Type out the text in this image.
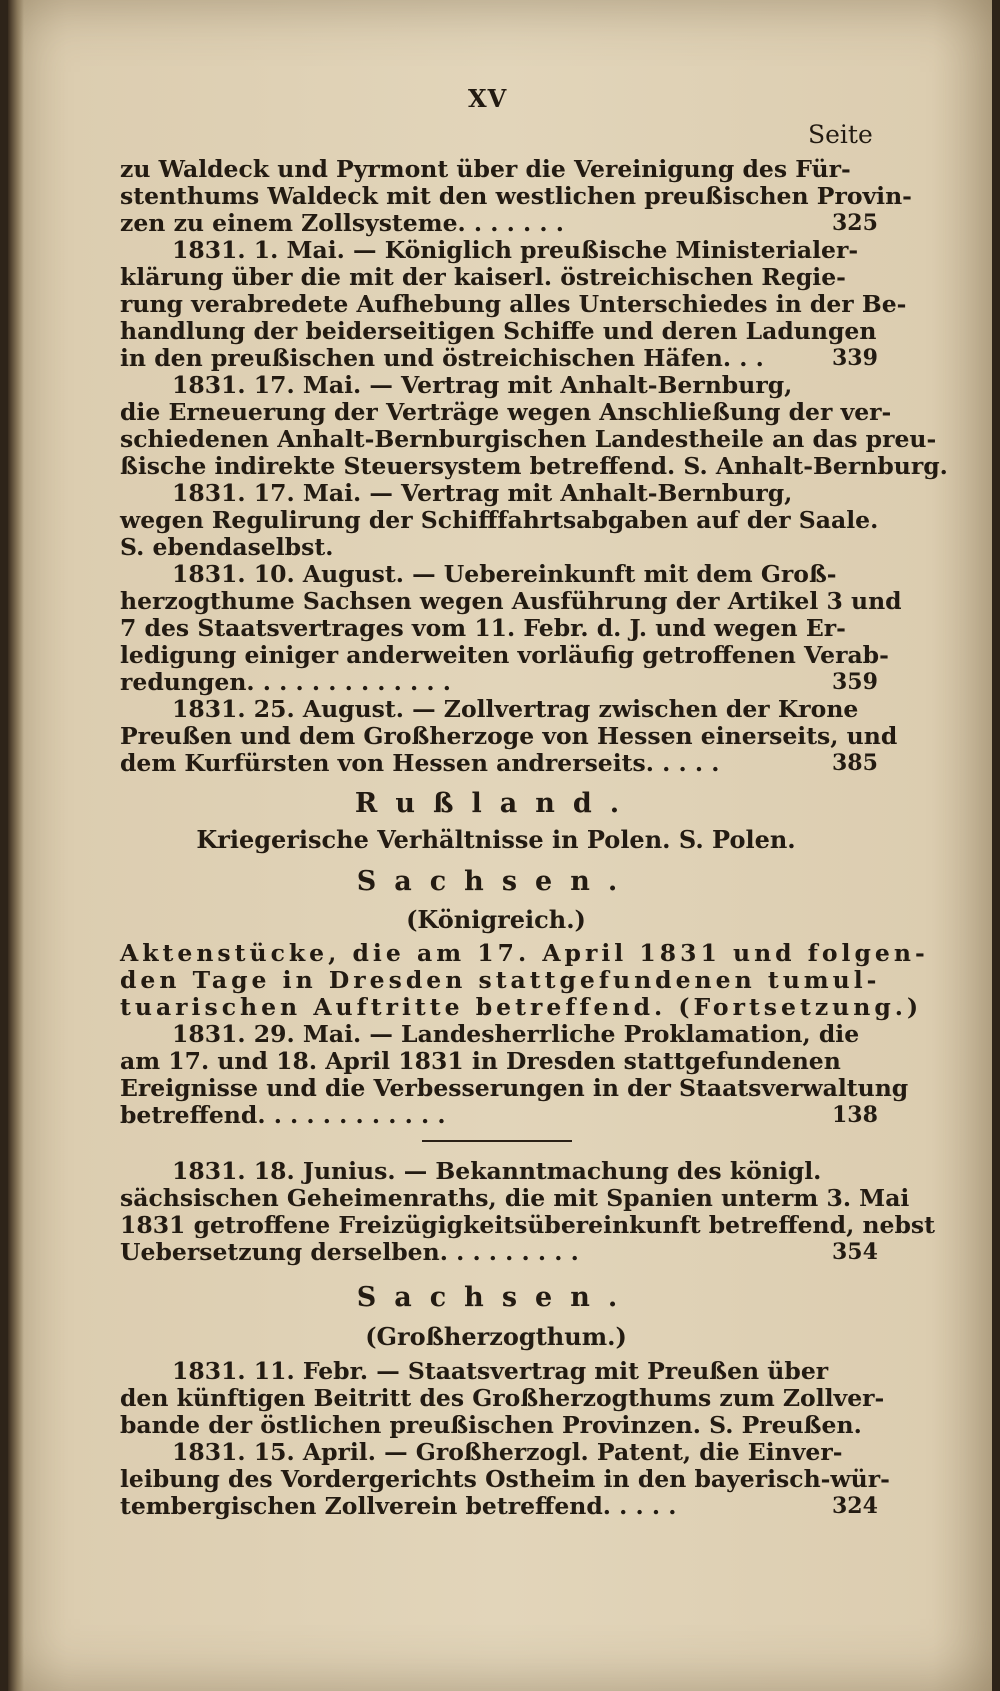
XV
Seite
zu Waldeck und Pyrmont über die Vereinigung des Für-
stenthums Waldeck mit den westlichen preußischen Provin-
zen zu einem Zollsysteme. . . . . . .	325
1831. 1. Mai. — Königlich preußische Ministerialer-
klärung über die mit der kaiserl. östreichischen Regie-
rung verabredete Aufhebung alles Unterschiedes in der Be-
handlung der beiderseitigen Schiffe und deren Ladungen
in den preußischen und östreichischen Häfen. . .	339
1831. 17. Mai. — Vertrag mit Anhalt-Bernburg,
die Erneuerung der Verträge wegen Anschließung der ver-
schiedenen Anhalt-Bernburgischen Landestheile an das preu-
ßische indirekte Steuersystem betreffend. S. Anhalt-Bernburg.
1831. 17. Mai. — Vertrag mit Anhalt-Bernburg,
wegen Regulirung der Schifffahrtsabgaben auf der Saale.
S. ebendaselbst.
1831. 10. August. — Uebereinkunft mit dem Groß-
herzogthume Sachsen wegen Ausführung der Artikel 3 und
7 des Staatsvertrages vom 11. Febr. d. J. und wegen Er-
ledigung einiger anderweiten vorläufig getroffenen Verab-
redungen. . . . . . . . . . . . .	359
1831. 25. August. — Zollvertrag zwischen der Krone
Preußen und dem Großherzoge von Hessen einerseits, und
dem Kurfürsten von Hessen andrerseits. . . . .	385
Rußland.
Kriegerische Verhältnisse in Polen. S. Polen.
Sachsen.
(Königreich.)
Aktenstücke, die am 17. April 1831 und folgen-
den Tage in Dresden stattgefundenen tumul-
tuarischen Auftritte betreffend. (Fortsetzung.)
1831. 29. Mai. — Landesherrliche Proklamation, die
am 17. und 18. April 1831 in Dresden stattgefundenen
Ereignisse und die Verbesserungen in der Staatsverwaltung
betreffend. . . . . . . . . . . .	138
1831. 18. Junius. — Bekanntmachung des königl.
sächsischen Geheimenraths, die mit Spanien unterm 3. Mai
1831 getroffene Freizügigkeitsübereinkunft betreffend, nebst
Uebersetzung derselben. . . . . . . . .	354
Sachsen.
(Großherzogthum.)
1831. 11. Febr. — Staatsvertrag mit Preußen über
den künftigen Beitritt des Großherzogthums zum Zollver-
bande der östlichen preußischen Provinzen. S. Preußen.
1831. 15. April. — Großherzogl. Patent, die Einver-
leibung des Vordergerichts Ostheim in den bayerisch-wür-
tembergischen Zollverein betreffend. . . . .	324
